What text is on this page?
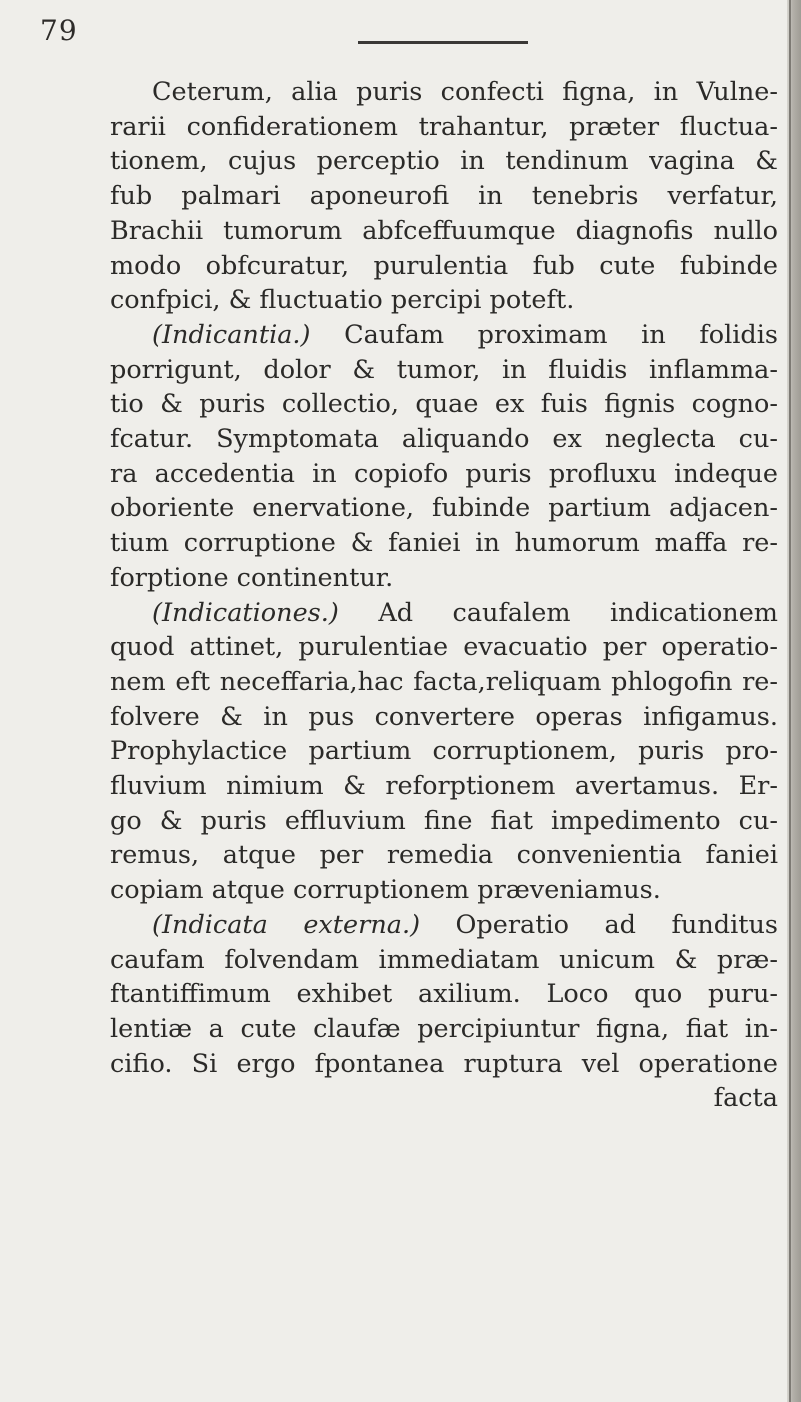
79
Ceterum, alia puris confecti figna, in Vulne-
rarii confiderationem trahantur, præter fluctua-
tionem, cujus perceptio in tendinum vagina &
fub palmari aponeurofi in tenebris verfatur,
Brachii tumorum abfceffuumque diagnofis nullo
modo obfcuratur, purulentia fub cute fubinde
confpici, & fluctuatio percipi poteft.
(Indicantia.) Caufam proximam in folidis
porrigunt, dolor & tumor, in fluidis inflamma-
tio & puris collectio, quae ex fuis fignis cogno-
fcatur. Symptomata aliquando ex neglecta cu-
ra accedentia in copiofo puris profluxu indeque
oboriente enervatione, fubinde partium adjacen-
tium corruptione & faniei in humorum maffa re-
forptione continentur.
(Indicationes.) Ad caufalem indicationem
quod attinet, purulentiae evacuatio per operatio-
nem eft neceffaria,hac facta,reliquam phlogofin re-
folvere & in pus convertere operas infigamus.
Prophylactice partium corruptionem, puris pro-
fluvium nimium & reforptionem avertamus. Er-
go & puris effluvium fine fiat impedimento cu-
remus, atque per remedia convenientia faniei
copiam atque corruptionem præveniamus.
(Indicata externa.) Operatio ad funditus
caufam folvendam immediatam unicum & præ-
ftantiffimum exhibet axilium. Loco quo puru-
lentiæ a cute claufæ percipiuntur figna, fiat in-
cifio. Si ergo fpontanea ruptura vel operatione
facta
